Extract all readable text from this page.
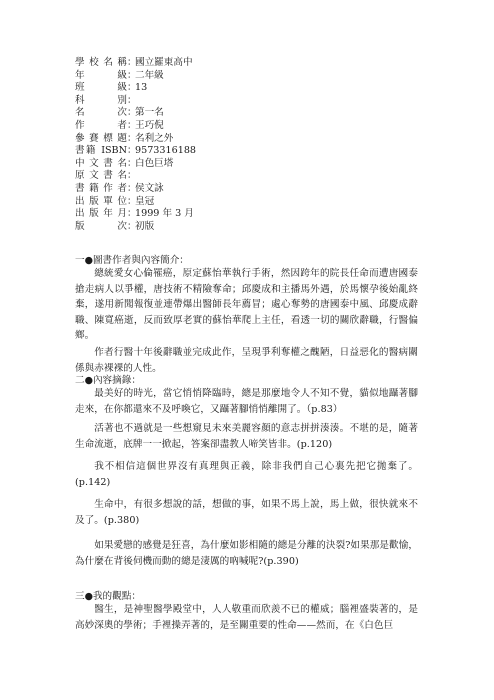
學校名稱 ：
國立羅東高中
年級 ：
二年級
班級 ：
13
科別 ：
名次 ：
第一名
作者 ：
王巧倪
參賽標題 ：
名利之外
書籍 ISBN ：
9573316188
中文書名 ：
白色巨塔
原文書名 ：
書籍作者 ：
侯文詠
出版單位 ：
皇冠
出版年月 ：
1999 年 3 月
版次 ：
初版
一●圖書作者與內容簡介：
總統愛女心倫罹癌，原定蘇怡華執行手術，然因跨年的院長任命而遭唐國泰搶走病人以爭權，唐技術不精險奪命；邱慶成和主播馬外遇，於馬懷孕後始亂終棄，遂用新聞報復並連帶爆出醫師長年薦冒；處心奪勢的唐國泰中風、邱慶成辭職、陳寬癌逝，反而致厚老實的蘇怡華爬上主任，看透一切的關欣辭職，行醫偏鄉。
作者行醫十年後辭職並完成此作，呈現爭利奪權之醜陋，日益惡化的醫病關係與赤裸裸的人性。
二●內容摘錄：
最美好的時光，當它悄悄降臨時，總是那麼地令人不知不覺，貓似地躡著腳走來，在你都還來不及呼喚它，又躡著腳悄悄離開了。（p.83）
活著也不過就是一些想窺見未來美麗容顏的意志拼拼湊湊。不堪的是，隨著生命流逝，底牌一一掀起，答案卻盡教人啼笑皆非。(p.120)
我不相信這個世界沒有真理與正義，除非我們自己心裏先把它拋棄了。(p.142)
生命中，有很多想說的話，想做的事，如果不馬上說，馬上做，很快就來不及了。(p.380)
如果愛戀的感覺是狂喜，為什麼如影相隨的總是分離的決裂?如果那是歡愉，為什麼在背後伺機而動的總是淒厲的吶喊呢?(p.390)
三●我的觀點：
醫生，是神聖醫學殿堂中，人人敬重而欣羨不已的權威；腦裡盛裝著的，是高妙深奧的學術；手裡操弄著的，是至關重要的性命——然而，在《白色巨
